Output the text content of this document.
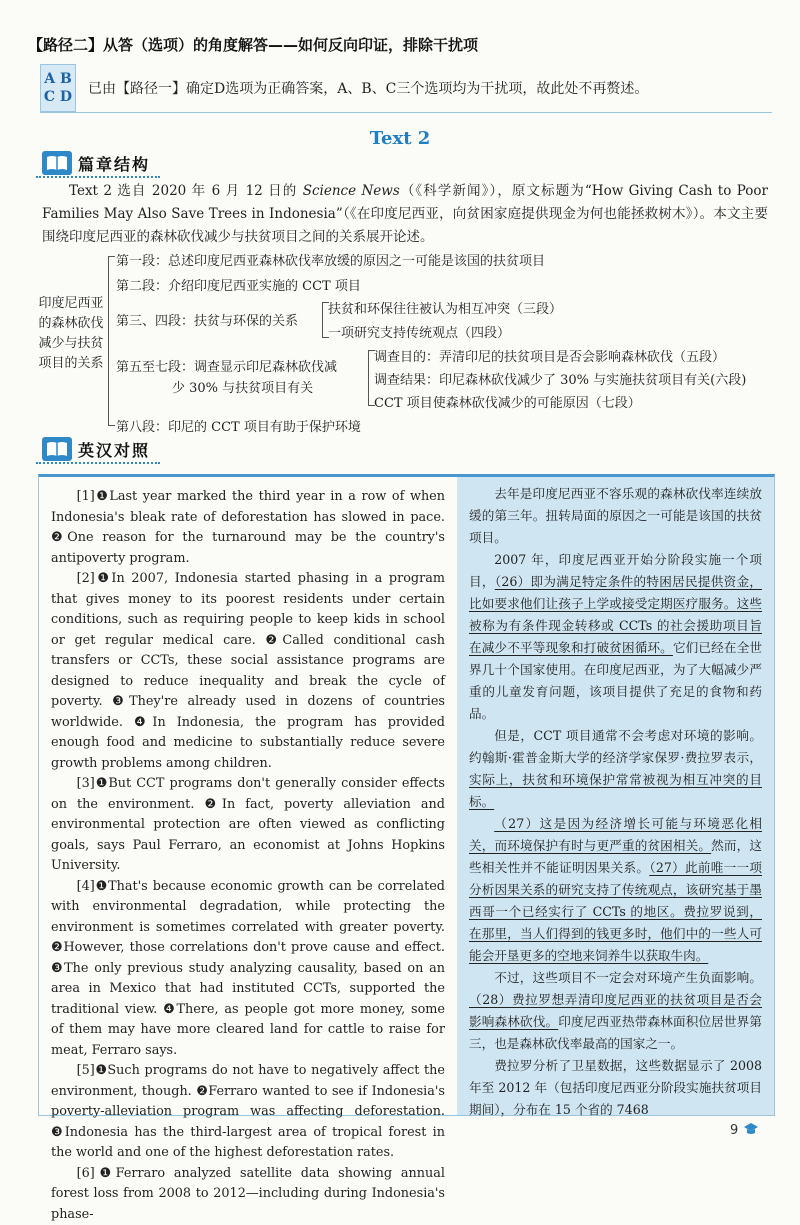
【路径二】从答（选项）的角度解答——如何反向印证，排除干扰项
A B
C D 已由【路径一】确定D选项为正确答案，A、B、C三个选项均为干扰项，故此处不再赘述。
Text 2
篇章结构
Text 2 选自 2020 年 6 月 12 日的 Science News（《科学新闻》），原文标题为“How Giving Cash to Poor Families May Also Save Trees in Indonesia”（《在印度尼西亚，向贫困家庭提供现金为何也能拯救树木》）。本文主要围绕印度尼西亚的森林砍伐减少与扶贫项目之间的关系展开论述。
印度尼西亚的森林砍伐减少与扶贫项目的关系
第一段：总述印度尼西亚森林砍伐率放缓的原因之一可能是该国的扶贫项目
第二段：介绍印度尼西亚实施的 CCT 项目
第三、四段：扶贫与环保的关系
扶贫和环保往往被认为相互冲突（三段）
一项研究支持传统观点（四段）
第五至七段：调查显示印尼森林砍伐减
少 30% 与扶贫项目有关
调查目的：弄清印尼的扶贫项目是否会影响森林砍伐（五段）
调查结果：印尼森林砍伐减少了 30% 与实施扶贫项目有关(六段)
CCT 项目使森林砍伐减少的可能原因（七段）
第八段：印尼的 CCT 项目有助于保护环境
英汉对照

[1]❶Last year marked the third year in a row of when Indonesia's bleak rate of deforestation has slowed in pace. ❷One reason for the turnaround may be the country's antipoverty program.

[2]❶In 2007, Indonesia started phasing in a program that gives money to its poorest residents under certain conditions, such as requiring people to keep kids in school or get regular medical care. ❷Called conditional cash transfers or CCTs, these social assistance programs are designed to reduce inequality and break the cycle of poverty. ❸They're already used in dozens of countries worldwide. ❹In Indonesia, the program has provided enough food and medicine to substantially reduce severe growth problems among children.

[3]❶But CCT programs don't generally consider effects on the environment. ❷In fact, poverty alleviation and environmental protection are often viewed as conflicting goals, says Paul Ferraro, an economist at Johns Hopkins University.

[4]❶That's because economic growth can be correlated with environmental degradation, while protecting the environment is sometimes correlated with greater poverty. ❷However, those correlations don't prove cause and effect. ❸The only previous study analyzing causality, based on an area in Mexico that had instituted CCTs, supported the traditional view. ❹There, as people got more money, some of them may have more cleared land for cattle to raise for meat, Ferraro says.

[5]❶Such programs do not have to negatively affect the environment, though. ❷Ferraro wanted to see if Indonesia's poverty-alleviation program was affecting deforestation. ❸Indonesia has the third-largest area of tropical forest in the world and one of the highest deforestation rates.

[6]❶Ferraro analyzed satellite data showing annual forest loss from 2008 to 2012—including during Indonesia's phase-

去年是印度尼西亚不容乐观的森林砍伐率连续放缓的第三年。扭转局面的原因之一可能是该国的扶贫项目。

2007 年，印度尼西亚开始分阶段实施一个项目，（26）即为满足特定条件的特困居民提供资金，比如要求他们让孩子上学或接受定期医疗服务。这些被称为有条件现金转移或 CCTs 的社会援助项目旨在减少不平等现象和打破贫困循环。它们已经在全世界几十个国家使用。在印度尼西亚，为了大幅减少严重的儿童发育问题，该项目提供了充足的食物和药品。

但是，CCT 项目通常不会考虑对环境的影响。约翰斯·霍普金斯大学的经济学家保罗·费拉罗表示，实际上，扶贫和环境保护常常被视为相互冲突的目标。

（27）这是因为经济增长可能与环境恶化相关，而环境保护有时与更严重的贫困相关。然而，这些相关性并不能证明因果关系。（27）此前唯一一项分析因果关系的研究支持了传统观点，该研究基于墨西哥一个已经实行了 CCTs 的地区。费拉罗说到，在那里，当人们得到的钱更多时，他们中的一些人可能会开垦更多的空地来饲养牛以获取牛肉。

不过，这些项目不一定会对环境产生负面影响。（28）费拉罗想弄清印度尼西亚的扶贫项目是否会影响森林砍伐。印度尼西亚热带森林面积位居世界第三，也是森林砍伐率最高的国家之一。

费拉罗分析了卫星数据，这些数据显示了 2008 年至 2012 年（包括印度尼西亚分阶段实施扶贫项目期间），分布在 15 个省的 7468

9
